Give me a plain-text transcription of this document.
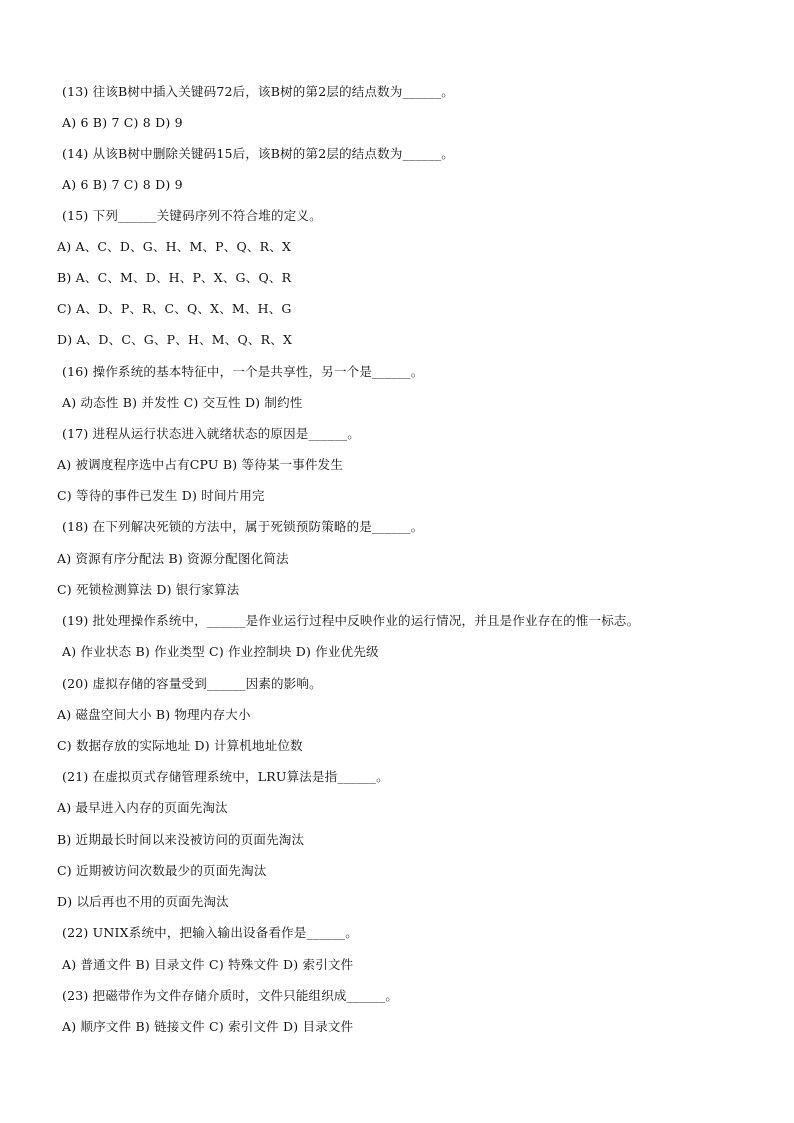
(13) 往该B树中插入关键码72后，该B树的第2层的结点数为______。
A) 6 B) 7 C) 8 D) 9
(14) 从该B树中删除关键码15后，该B树的第2层的结点数为______。
A) 6 B) 7 C) 8 D) 9
(15) 下列______关键码序列不符合堆的定义。
A) A、C、D、G、H、M、P、Q、R、X
B) A、C、M、D、H、P、X、G、Q、R
C) A、D、P、R、C、Q、X、M、H、G
D) A、D、C、G、P、H、M、Q、R、X
(16) 操作系统的基本特征中，一个是共享性，另一个是______。
A) 动态性 B) 并发性 C) 交互性 D) 制约性
(17) 进程从运行状态进入就绪状态的原因是______。
A) 被调度程序选中占有CPU B) 等待某一事件发生
C) 等待的事件已发生 D) 时间片用完
(18) 在下列解决死锁的方法中，属于死锁预防策略的是______。
A) 资源有序分配法 B) 资源分配图化简法
C) 死锁检测算法 D) 银行家算法
(19) 批处理操作系统中，______是作业运行过程中反映作业的运行情况，并且是作业存在的惟一标志。
A) 作业状态 B) 作业类型 C) 作业控制块 D) 作业优先级
(20) 虚拟存储的容量受到______因素的影响。
A) 磁盘空间大小 B) 物理内存大小
C) 数据存放的实际地址 D) 计算机地址位数
(21) 在虚拟页式存储管理系统中，LRU算法是指______。
A) 最早进入内存的页面先淘汰
B) 近期最长时间以来没被访问的页面先淘汰
C) 近期被访问次数最少的页面先淘汰
D) 以后再也不用的页面先淘汰
(22) UNIX系统中，把输入输出设备看作是______。
A) 普通文件 B) 目录文件 C) 特殊文件 D) 索引文件
(23) 把磁带作为文件存储介质时，文件只能组织成______。
A) 顺序文件 B) 链接文件 C) 索引文件 D) 目录文件
